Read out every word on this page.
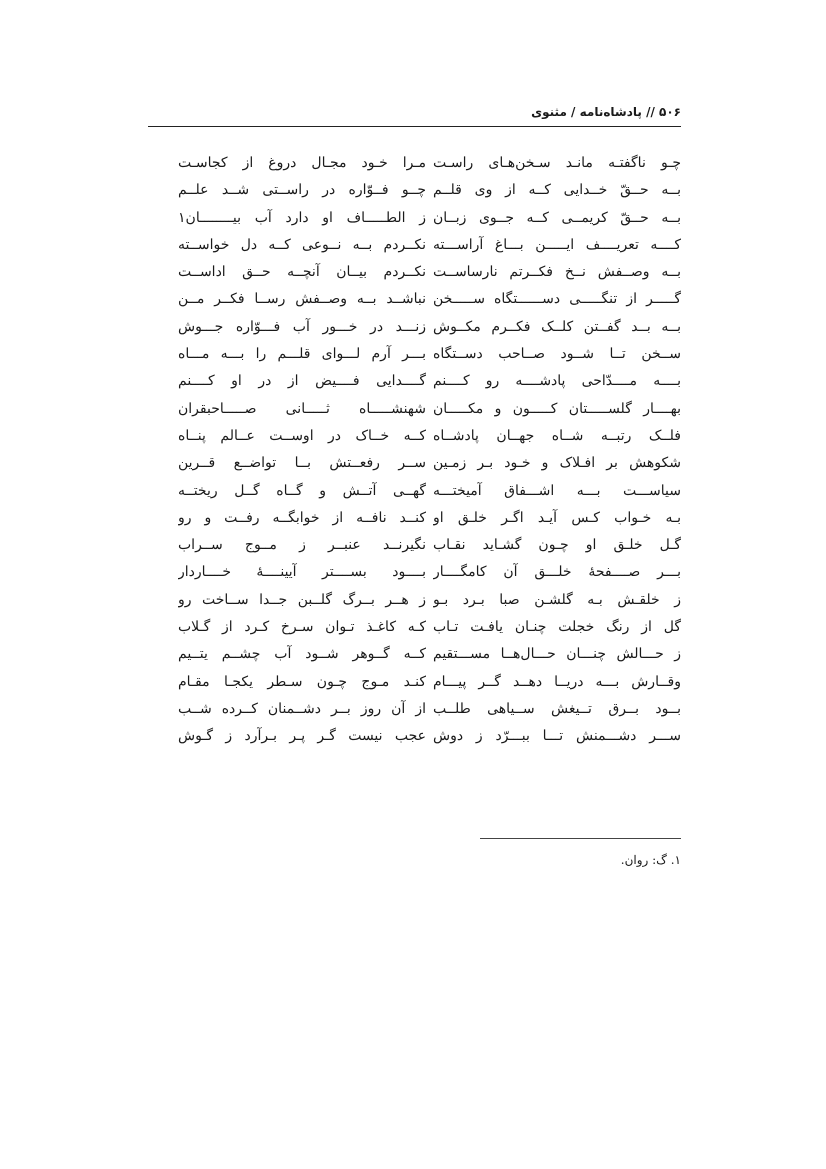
۵۰۶ // پادشاه‌نامه / مثنوی
چـو ناگفتـه مانـد سـخن‌هـای راسـت
مـرا خـود مجـال دروغ از کجاسـت
بــه حــقّ خــدایی کــه از وی قلــم
چــو فــوّاره در راســتی شــد علــم
بــه حــقّ کریمــی کــه جــوی زبــان
ز الطـــــاف او دارد آب بیــــــــان۱
کــــه تعریــــف ایـــــن بـــاغ آراســـته
نکــردم بــه نــوعی کــه دل خواســته
بــه وصــفش نــخ فکــرتم نارساســت
نکــردم بیــان آنچــه حــق اداســت
گـــــر از تنگـــــی دســــــتگاه ســـــخن
نباشــد بــه وصــفش رســا فکــر مــن
بــه بــد گفــتن کلــک فکــرم مکــوش
زنـــد در خـــور آب فـــوّاره جـــوش
ســخن تــا شــود صــاحب دســتگاه
بـــر آرم لـــوای قلـــم را بـــه مـــاه
بــــه مــــدّاحی پادشــــه رو کــــنم
گــــدایی فــــیض از در او کــــنم
بهــــار گلســـــتان کـــــون و مکـــــان
شهنشـــــاه ثـــــانی صـــــاحبقران
فلــک رتبــه شــاه جهــان پادشــاه
کــه خــاک در اوســت عــالم پنــاه
شکوهش بر افـلاک و خـود بـر زمـین
ســر رفعــتش بــا تواضــع قــرین
سیاســـت بـــه اشـــفاق آمیختـــه
گهــی آتــش و گــاه گــل ریختــه
بـه خـواب کـس آیـد اگـر خلـق او
کنــد نافــه از خوابگــه رفــت و رو
گـل خلـق او چـون گشـاید نقـاب
نگیرنــد عنبــر ز مــوج ســراب
بـــر صــــفحهٔ خلـــق آن کامگــــار
بــــود بســــتر آیینــــهٔ خــــاردار
ز خلقـش بـه گلشـن صبا بـرد بـو
ز هــر بــرگ گلــبن جــدا ســاخت رو
گل از رنگ خجلت چنـان یافـت تـاب
کـه کاغـذ تـوان سـرخ کـرد از گـلاب
ز حـــالش چنـــان حـــال‌هــا مســـتقیم
کــه گــوهر شــود آب چشــم یتــیم
وقــارش بـــه دریــا دهــد گــر پیـــام
کنـد مـوج چـون سـطر یکجـا مقـام
بــود بــرق تــیغش ســیاهی طلــب
از آن روز بــر دشــمنان کــرده شــب
ســـر دشـــمنش تـــا ببـــرّد ز دوش
عجب نیست گـر پـر بـرآرد ز گـوش
۱. گ: روان.
